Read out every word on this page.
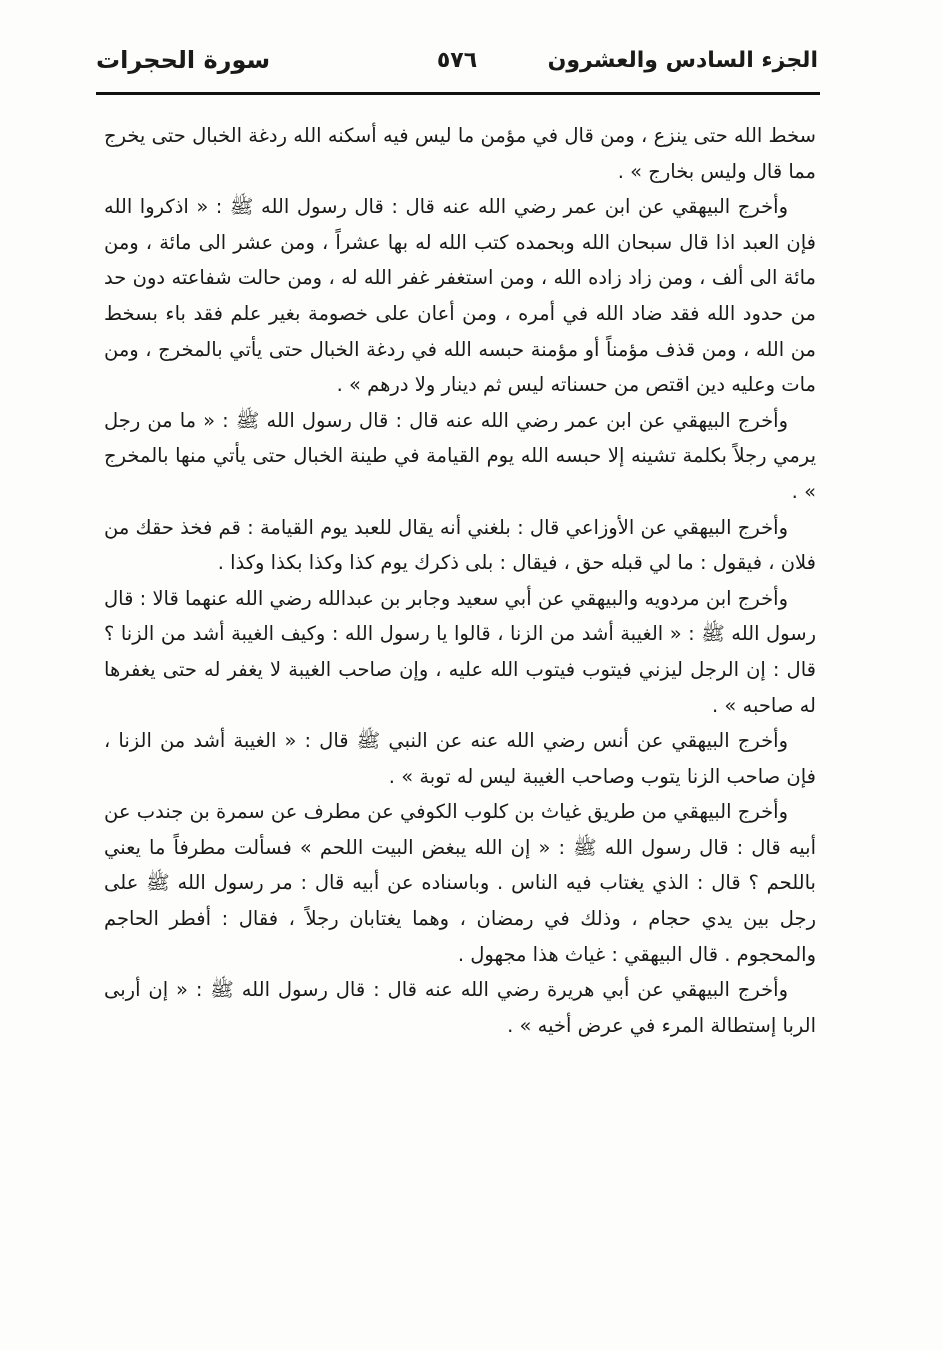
الجزء السادس والعشرون
٥٧٦
سورة الحجرات

سخط الله حتى ينزع ، ومن قال في مؤمن ما ليس فيه أسكنه الله ردغة الخبال حتى يخرج مما قال وليس بخارج » .

وأخرج البيهقي عن ابن عمر رضي الله عنه قال : قال رسول الله ﷺ : « اذكروا الله فإن العبد اذا قال سبحان الله وبحمده كتب الله له بها عشراً ، ومن عشر الى مائة ، ومن مائة الى ألف ، ومن زاد زاده الله ، ومن استغفر غفر الله له ، ومن حالت شفاعته دون حد من حدود الله فقد ضاد الله في أمره ، ومن أعان على خصومة بغير علم فقد باء بسخط من الله ، ومن قذف مؤمناً أو مؤمنة حبسه الله في ردغة الخبال حتى يأتي بالمخرج ، ومن مات وعليه دين اقتص من حسناته ليس ثم دينار ولا درهم » .

وأخرج البيهقي عن ابن عمر رضي الله عنه قال : قال رسول الله ﷺ : « ما من رجل يرمي رجلاً بكلمة تشينه إلا حبسه الله يوم القيامة في طينة الخبال حتى يأتي منها بالمخرج » .

وأخرج البيهقي عن الأوزاعي قال : بلغني أنه يقال للعبد يوم القيامة : قم فخذ حقك من فلان ، فيقول : ما لي قبله حق ، فيقال : بلى ذكرك يوم كذا وكذا بكذا وكذا .

وأخرج ابن مردويه والبيهقي عن أبي سعيد وجابر بن عبدالله رضي الله عنهما قالا : قال رسول الله ﷺ : « الغيبة أشد من الزنا ، قالوا يا رسول الله : وكيف الغيبة أشد من الزنا ؟ قال : إن الرجل ليزني فيتوب فيتوب الله عليه ، وإن صاحب الغيبة لا يغفر له حتى يغفرها له صاحبه » .

وأخرج البيهقي عن أنس رضي الله عنه عن النبي ﷺ قال : « الغيبة أشد من الزنا ، فإن صاحب الزنا يتوب وصاحب الغيبة ليس له توبة » .

وأخرج البيهقي من طريق غياث بن كلوب الكوفي عن مطرف عن سمرة بن جندب عن أبيه قال : قال رسول الله ﷺ : « إن الله يبغض البيت اللحم » فسألت مطرفاً ما يعني باللحم ؟ قال : الذي يغتاب فيه الناس . وباسناده عن أبيه قال : مر رسول الله ﷺ على رجل بين يدي حجام ، وذلك في رمضان ، وهما يغتابان رجلاً ، فقال : أفطر الحاجم والمحجوم . قال البيهقي : غياث هذا مجهول .

وأخرج البيهقي عن أبي هريرة رضي الله عنه قال : قال رسول الله ﷺ : « إن أربى الربا إستطالة المرء في عرض أخيه » .
